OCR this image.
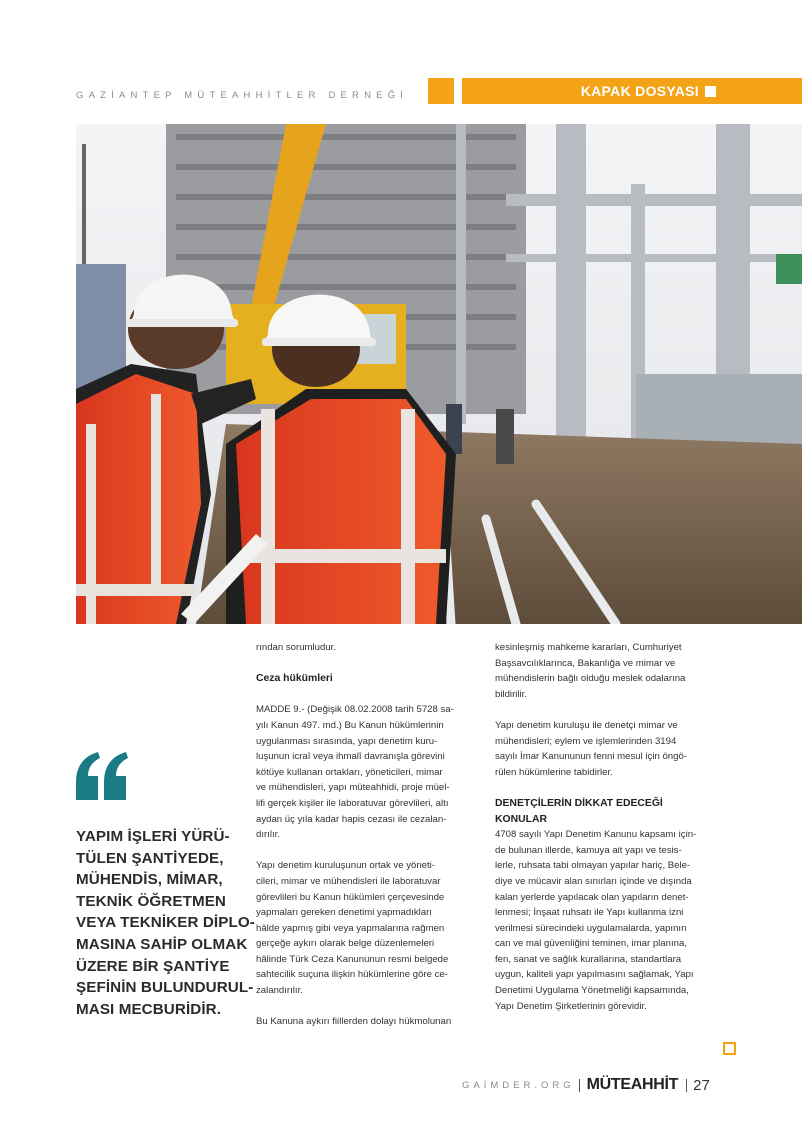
GAZİANTEP MÜTEAHHİTLER DERNEĞİ	KAPAK DOSYASI
YAPIM İŞLERİ YÜRÜ-
TÜLEN ŞANTİYEDE,
MÜHENDİS, MİMAR,
TEKNİK ÖĞRETMEN
VEYA TEKNİKER DİPLO-
MASINA SAHİP OLMAK
ÜZERE BİR ŞANTİYE
ŞEFİNİN BULUNDURUL-
MASI MECBURİDİR.
rından sorumludur.
Ceza hükümleri
MADDE 9.- (Değişik 08.02.2008 tarih 5728 sa-
yılı Kanun 497. md.) Bu Kanun hükümlerinin
uygulanması sırasında, yapı denetim kuru-
luşunun icraî veya ihmalî davranışla görevini
kötüye kullanan ortakları, yöneticileri, mimar
ve mühendisleri, yapı müteahhidi, proje müel-
lifi gerçek kişiler ile laboratuvar görevlileri, altı
aydan üç yıla kadar hapis cezası ile cezalan-
dırılır.
Yapı denetim kuruluşunun ortak ve yöneti-
cileri, mimar ve mühendisleri ile laboratuvar
görevlileri bu Kanun hükümleri çerçevesinde
yapmaları gereken denetimi yapmadıkları
hâlde yapmış gibi veya yapmalarına rağmen
gerçeğe aykırı olarak belge düzenlemeleri
hâlinde Türk Ceza Kanununun resmi belgede
sahtecilik suçuna ilişkin hükümlerine göre ce-
zalandırılır.
Bu Kanuna aykırı fiillerden dolayı hükmolunan
kesinleşmiş mahkeme kararları, Cumhuriyet
Başsavcılıklarınca, Bakanlığa ve mimar ve
mühendislerin bağlı olduğu meslek odalarına
bildirilir.
Yapı denetim kuruluşu ile denetçi mimar ve
mühendisleri; eylem ve işlemlerinden 3194
sayılı İmar Kanununun fenni mesul için öngö-
rülen hükümlerine tabidirler.
DENETÇİLERİN DİKKAT EDECEĞİ
KONULAR
4708 sayılı Yapı Denetim Kanunu kapsamı için-
de bulunan illerde, kamuya ait yapı ve tesis-
lerle, ruhsata tabi olmayan yapılar hariç, Bele-
diye ve mücavir alan sınırları içinde ve dışında
kalan yerlerde yapılacak olan yapıların denet-
lenmesi; İnşaat ruhsatı ile Yapı kullanma izni
verilmesi sürecindeki uygulamalarda, yapının
can ve mal güvenliğini teminen, imar planına,
fen, sanat ve sağlık kurallarına, standartlara
uygun, kaliteli yapı yapılmasını sağlamak, Yapı
Denetimi Uygulama Yönetmeliği kapsamında,
Yapı Denetim Şirketlerinin görevidir.
GAİMDER.ORG MÜTEAHHİT 27
